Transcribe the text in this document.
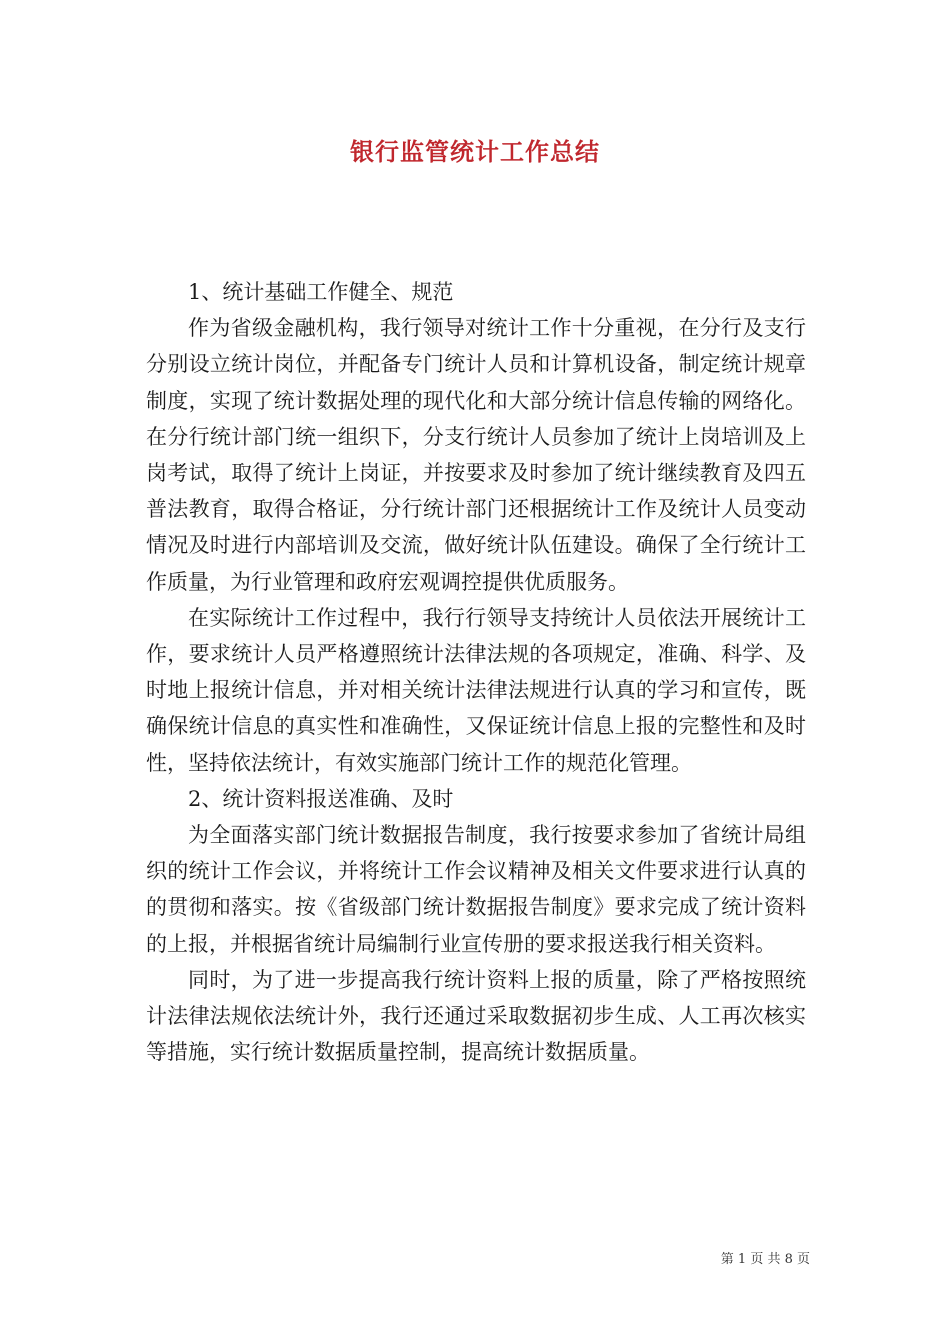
银行监管统计工作总结

1、统计基础工作健全、规范

作为省级金融机构，我行领导对统计工作十分重视，在分行及支行分别设立统计岗位，并配备专门统计人员和计算机设备，制定统计规章制度，实现了统计数据处理的现代化和大部分统计信息传输的网络化。在分行统计部门统一组织下，分支行统计人员参加了统计上岗培训及上岗考试，取得了统计上岗证，并按要求及时参加了统计继续教育及四五普法教育，取得合格证，分行统计部门还根据统计工作及统计人员变动情况及时进行内部培训及交流，做好统计队伍建设。确保了全行统计工作质量，为行业管理和政府宏观调控提供优质服务。

在实际统计工作过程中，我行行领导支持统计人员依法开展统计工作，要求统计人员严格遵照统计法律法规的各项规定，准确、科学、及时地上报统计信息，并对相关统计法律法规进行认真的学习和宣传，既确保统计信息的真实性和准确性，又保证统计信息上报的完整性和及时性，坚持依法统计，有效实施部门统计工作的规范化管理。

2、统计资料报送准确、及时

为全面落实部门统计数据报告制度，我行按要求参加了省统计局组织的统计工作会议，并将统计工作会议精神及相关文件要求进行认真的的贯彻和落实。按《省级部门统计数据报告制度》要求完成了统计资料的上报，并根据省统计局编制行业宣传册的要求报送我行相关资料。

同时，为了进一步提高我行统计资料上报的质量，除了严格按照统计法律法规依法统计外，我行还通过采取数据初步生成、人工再次核实等措施，实行统计数据质量控制，提高统计数据质量。

第 1 页 共 8 页
